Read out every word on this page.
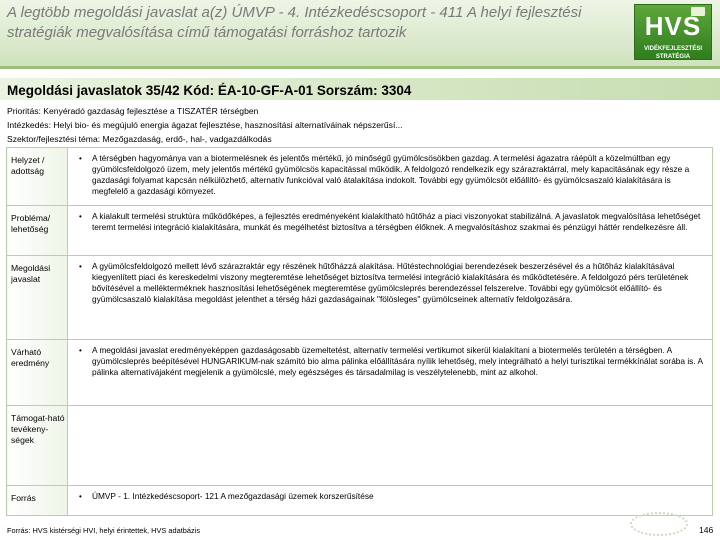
A legtöbb megoldási javaslat a(z) ÚMVP - 4. Intézkedéscsoport - 411 A helyi fejlesztési stratégiák megvalósítása című támogatási forráshoz tartozik	HVS
VIDÉKFEJLESZTÉSI STRATÉGIA
Megoldási javaslatok 35/42 Kód: ÉA-10-GF-A-01 Sorszám: 3304
Prioritás: Kenyéradó gazdaság fejlesztése a TISZATÉR térségben
Intézkedés: Helyi bio- és megújuló energia ágazat fejlesztése, hasznosítási alternatíváinak népszerűsí...
Szektor/fejlesztési téma: Mezőgazdaság, erdő-, hal-, vadgazdálkodás
Helyzet / adottság	• A térségben hagyománya van a biotermelésnek és jelentős mértékű, jó minőségű gyümölcsösökben gazdag. A termelési ágazatra ráépült a közelmúltban egy gyümölcsfeldolgozó üzem, mely jelentős mértékű gyümölcsös kapacitással működik. A feldolgozó rendelkezik egy szárazraktárral, mely kapacitásának egy része a gazdasági folyamat kapcsán nélkülözhető, alternatív funkcióval való átalakítása indokolt. További egy gyümölcsöt előállító- és gyümölcsaszaló kialakítására is megfelelő a gazdasági környezet.

Probléma/ lehetőség	• A kialakult termelési struktúra működőképes, a fejlesztés eredményeként kialakítható hűtőház a piaci viszonyokat stabilizálná. A javaslatok megvalósítása lehetőséget teremt termelési integráció kialakítására, munkát és megélhetést biztosítva a térségben élőknek. A megvalósításhoz szakmai és pénzügyi háttér rendelkezésre áll.

Megoldási javaslat	• A gyümölcsfeldolgozó mellett lévő szárazraktár egy részének hűtőházzá alakítása. Hűtéstechnológiai berendezések beszerzésével és a hűtőház kialakításával kiegyenlített piaci és kereskedelmi viszony megteremtése lehetőséget biztosítva termelési integráció kialakítására és működtetésére. A feldolgozó pérs területének bővítésével a mellékterméknek hasznosítási lehetőségének megteremtése gyümölcsleprés berendezéssel felszerelve. További egy gyümölcsöt előállító- és gyümölcsaszaló kialakítása megoldást jelenthet a térség házi gazdaságainak "fölösleges" gyümölcseinek alternatív feldolgozására.

Várható eredmény	• A megoldási javaslat eredményeképpen gazdaságosabb üzemeltetést, alternatív termelési vertikumot sikerül kialakítani a biotermelés területén a térségben. A gyümölcsleprés beépítésével HUNGARIKUM-nak számító bio alma pálinka előállítására nyílik lehetőség, mely integrálható a helyi turisztikai termékkínálat sorába is. A pálinka alternatívájaként megjelenik a gyümölcslé, mely egészséges és társadalmilag is veszélytelenebb, mint az alkohol.

Támogat-ható tevékeny-ségek	

Forrás	• ÚMVP - 1. Intézkedéscsoport- 121 A mezőgazdasági üzemek korszerűsítése
Forrás: HVS kistérségi HVI, helyi érintettek, HVS adatbázis	146
